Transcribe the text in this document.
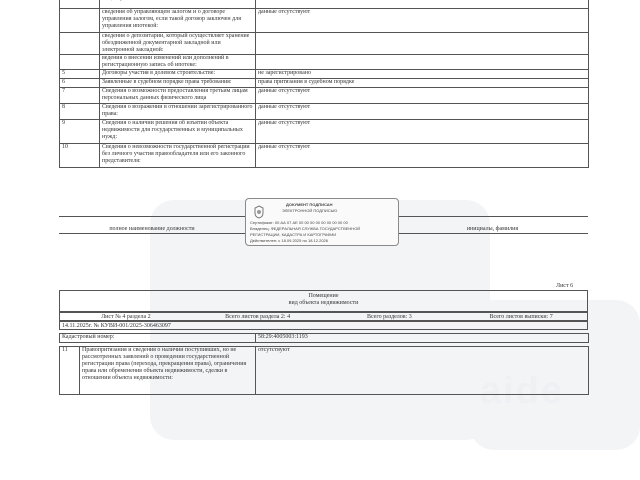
aide

	сведения об управляющем залогом и о договоре управления залогом, если такой договор заключен для управления ипотекой:	данные отсутствуют
	сведения о депозитарии, который осуществляет хранение обездвиженной документарной закладной или электронной закладной:	
	ведения о внесении изменений или дополнений в регистрационную запись об ипотеке:	
5	Договоры участия в долевом строительстве:	не зарегистрировано
6	Заявленные в судебном порядке права требования:	права притязания в судебном порядке
7	Сведения о возможности предоставления третьим лицам персональных данных физического лица	данные отсутствуют
8	Сведения о возражении в отношении зарегистрированного права:	данные отсутствуют
9	Сведения о наличии решения об изъятии объекта недвижимости для государственных и муниципальных нужд:	данные отсутствуют
10	Сведения о невозможности государственной регистрации без личного участия правообладателя или его законного представителя:	данные отсутствуют
полное наименование должности	инициалы, фамилия
ДОКУМЕНТ ПОДПИСАН
ЭЛЕКТРОННОЙ ПОДПИСЬЮ
Сертификат: 00 АА 07 АЕ 00 00 00 00 00 00 00 00 00
Владелец: ФЕДЕРАЛЬНАЯ СЛУЖБА ГОСУДАРСТВЕННОЙ
РЕГИСТРАЦИИ, КАДАСТРА И КАРТОГРАФИИ
Действителен: с 18.09.2025 по 18.12.2026
Лист 6
Помещение
вид объекта недвижимости
Лист № 4 раздела 2	Всего листов раздела 2: 4	Всего разделов: 3	Всего листов выписки: 7
14.11.2025г. № КУВИ-001/2025-306463097
Кадастровый номер:	58:29:4005003:1193
11	Правопритязания и сведения о наличии поступивших, но не рассмотренных заявлений о проведении государственной регистрации права (перехода, прекращения права), ограничения права или обременения объекта недвижимости, сделки в отношении объекта недвижимости:	отсутствуют
